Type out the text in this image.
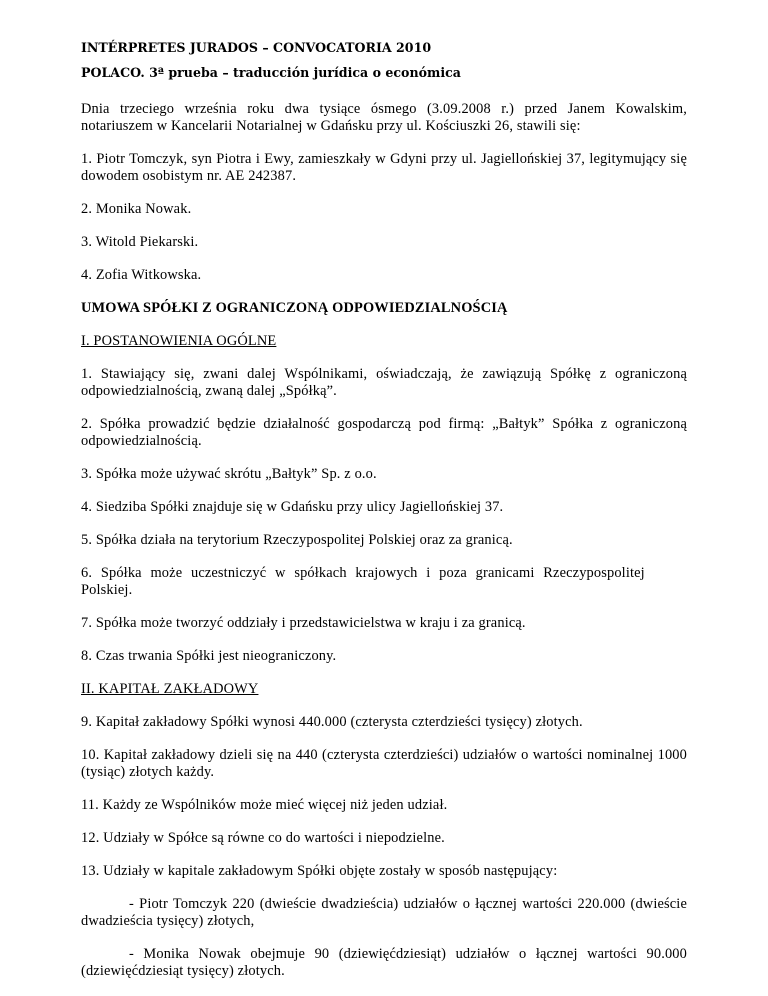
INTÉRPRETES JURADOS – CONVOCATORIA 2010
POLACO. 3ª prueba – traducción jurídica o económica

Dnia trzeciego września roku dwa tysiące ósmego (3.09.2008 r.) przed Janem Kowalskim, notariuszem w Kancelarii Notarialnej w Gdańsku przy ul. Kościuszki 26, stawili się:

1. Piotr Tomczyk, syn Piotra i Ewy, zamieszkały w Gdyni przy ul. Jagiellońskiej 37, legitymujący się dowodem osobistym nr. AE 242387.

2. Monika Nowak.

3. Witold Piekarski.

4. Zofia Witkowska.

UMOWA SPÓŁKI Z OGRANICZONĄ ODPOWIEDZIALNOŚCIĄ

I. POSTANOWIENIA OGÓLNE

1. Stawiający się, zwani dalej Wspólnikami, oświadczają, że zawiązują Spółkę z ograniczoną odpowiedzialnością, zwaną dalej „Spółką”.

2. Spółka prowadzić będzie działalność gospodarczą pod firmą: „Bałtyk” Spółka z ograniczoną odpowiedzialnością.

3. Spółka może używać skrótu „Bałtyk” Sp. z o.o.

4. Siedziba Spółki znajduje się w Gdańsku przy ulicy Jagiellońskiej 37.

5. Spółka działa na terytorium Rzeczypospolitej Polskiej oraz za granicą.

6. Spółka może uczestniczyć w spółkach krajowych i poza granicami Rzeczypospolitej Polskiej.

7. Spółka może tworzyć oddziały i przedstawicielstwa w kraju i za granicą.

8. Czas trwania Spółki jest nieograniczony.

II. KAPITAŁ ZAKŁADOWY

9. Kapitał zakładowy Spółki wynosi 440.000 (czterysta czterdzieści tysięcy) złotych.

10. Kapitał zakładowy dzieli się na 440 (czterysta czterdzieści) udziałów o wartości nominalnej 1000 (tysiąc) złotych każdy.

11. Każdy ze Wspólników może mieć więcej niż jeden udział.

12. Udziały w Spółce są równe co do wartości i niepodzielne.

13. Udziały w kapitale zakładowym Spółki objęte zostały w sposób następujący:

- Piotr Tomczyk 220 (dwieście dwadzieścia) udziałów o łącznej wartości 220.000 (dwieście dwadzieścia tysięcy) złotych,

- Monika Nowak obejmuje 90 (dziewięćdziesiąt) udziałów o łącznej wartości 90.000 (dziewięćdziesiąt tysięcy) złotych.
